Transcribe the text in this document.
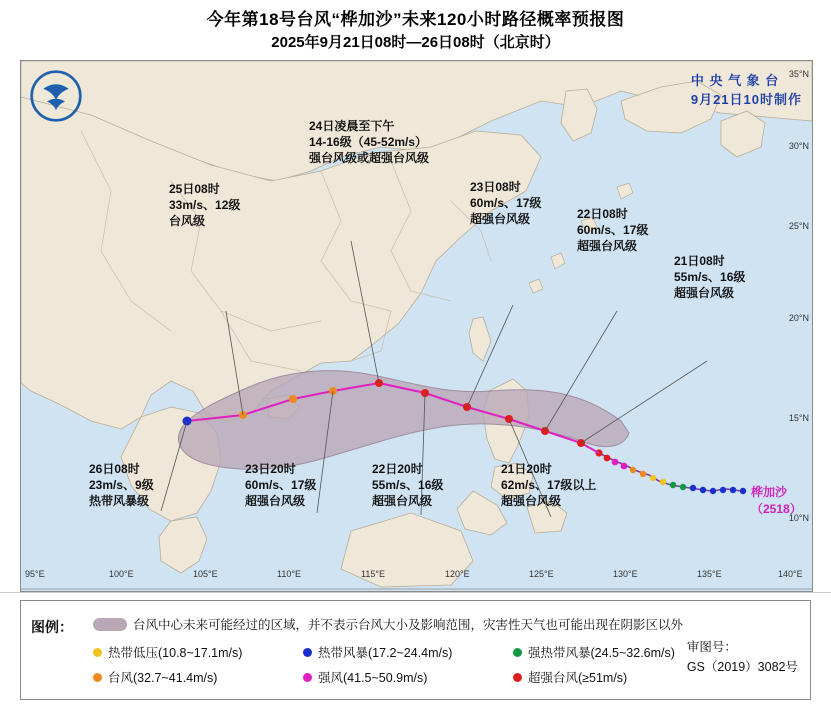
今年第18号台风“桦加沙”未来120小时路径概率预报图
2025年9月21日08时—26日08时（北京时）
中 央 气 象 台
9月21日10时制作
24日凌晨至下午
14-16级（45-52m/s）
强台风级或超强台风级
25日08时
33m/s、12级
台风级
23日08时
60m/s、17级
超强台风级	22日08时
60m/s、17级
超强台风级
21日08时
55m/s、16级
超强台风级
26日08时
23m/s、9级
热带风暴级
23日20时
60m/s、17级
超强台风级
22日20时
55m/s、16级
超强台风级
21日20时
62m/s、17级以上
超强台风级
桦加沙（2518）
95°E	100°E	105°E	110°E	115°E	120°E	125°E	130°E	135°E	140°E
35°N
30°N
25°N
20°N
15°N
10°N
图例：	台风中心未来可能经过的区域，并不表示台风大小及影响范围，灾害性天气也可能出现在阴影区以外
热带低压(10.8~17.1m/s)	热带风暴(17.2~24.4m/s)	强热带风暴(24.5~32.6m/s)
台风(32.7~41.4m/s)	强风(41.5~50.9m/s)	超强台风(≥51m/s)
审图号：
GS（2019）3082号
